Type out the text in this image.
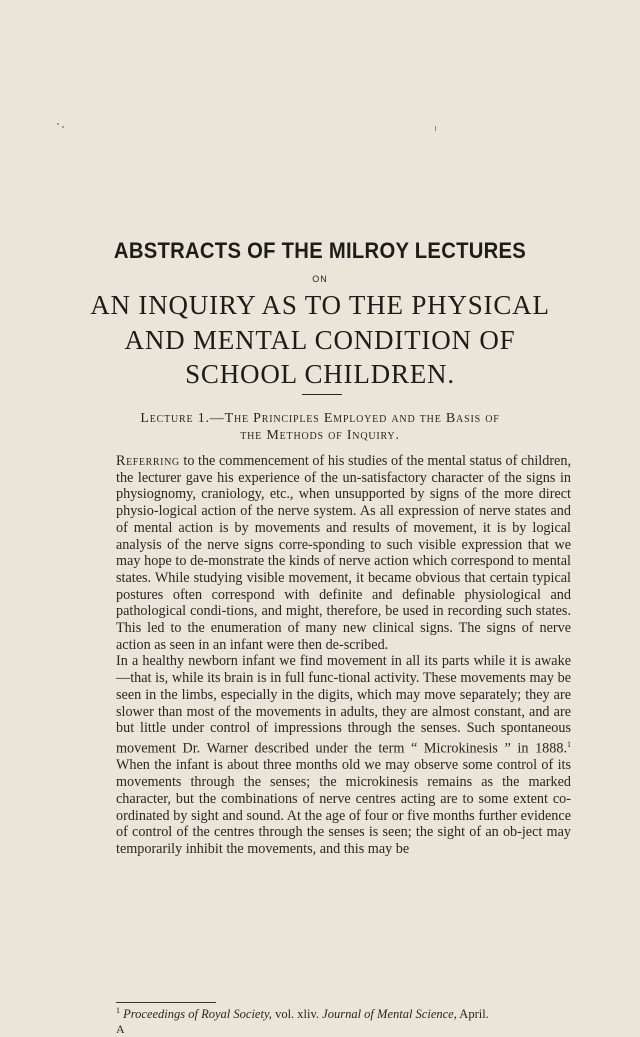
ABSTRACTS OF THE MILROY LECTURES
ON
AN INQUIRY AS TO THE PHYSICAL
AND MENTAL CONDITION OF
SCHOOL CHILDREN.
Lecture 1.—The Principles Employed and the Basis of
the Methods of Inquiry.

Referring to the commencement of his studies of the mental status of children, the lecturer gave his experience of the un-satisfactory character of the signs in physiognomy, craniology, etc., when unsupported by signs of the more direct physio-logical action of the nerve system. As all expression of nerve states and of mental action is by movements and results of movement, it is by logical analysis of the nerve signs corre-sponding to such visible expression that we may hope to de-monstrate the kinds of nerve action which correspond to mental states. While studying visible movement, it became obvious that certain typical postures often correspond with definite and definable physiological and pathological condi-tions, and might, therefore, be used in recording such states. This led to the enumeration of many new clinical signs. The signs of nerve action as seen in an infant were then de-scribed.

In a healthy newborn infant we find movement in all its parts while it is awake—that is, while its brain is in full func-tional activity. These movements may be seen in the limbs, especially in the digits, which may move separately; they are slower than most of the movements in adults, they are almost constant, and are but little under control of impressions through the senses. Such spontaneous movement Dr. Warner described under the term “ Microkinesis ” in 1888.$^1$ When the infant is about three months old we may observe some control of its movements through the senses; the microkinesis remains as the marked character, but the combinations of nerve centres acting are to some extent co-ordinated by sight and sound. At the age of four or five months further evidence of control of the centres through the senses is seen; the sight of an ob-ject may temporarily inhibit the movements, and this may be

$^1$ Proceedings of Royal Society, vol. xliv. Journal of Mental Science, April.
A
